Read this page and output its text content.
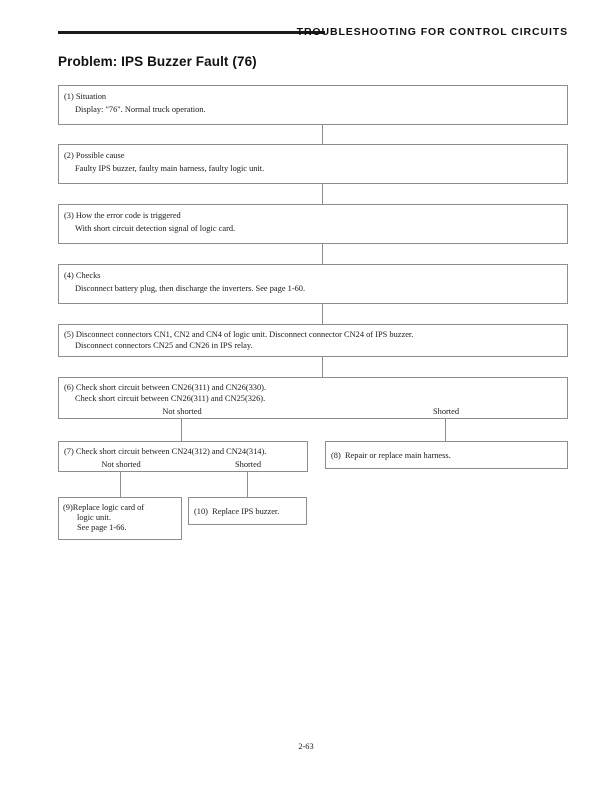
TROUBLESHOOTING FOR CONTROL CIRCUITS
Problem: IPS Buzzer Fault (76)
(1) Situation
Display: "76". Normal truck operation.
(2) Possible cause
Faulty IPS buzzer, faulty main harness, faulty logic unit.
(3) How the error code is triggered
With short circuit detection signal of logic card.
(4) Checks
Disconnect battery plug, then discharge the inverters. See page 1-60.
(5) Disconnect connectors CN1, CN2 and CN4 of logic unit. Disconnect connector CN24 of IPS buzzer.
Disconnect connectors CN25 and CN26 in IPS relay.
(6) Check short circuit between CN26(311) and CN26(330).
Check short circuit between CN26(311) and CN25(326).
Not shorted	Shorted
(7) Check short circuit between CN24(312) and CN24(314).
Not shorted	Shorted
(8)  Repair or replace main harness.
(9)Replace logic card of
logic unit.
See page 1-66.
(10)  Replace IPS buzzer.
2-63
